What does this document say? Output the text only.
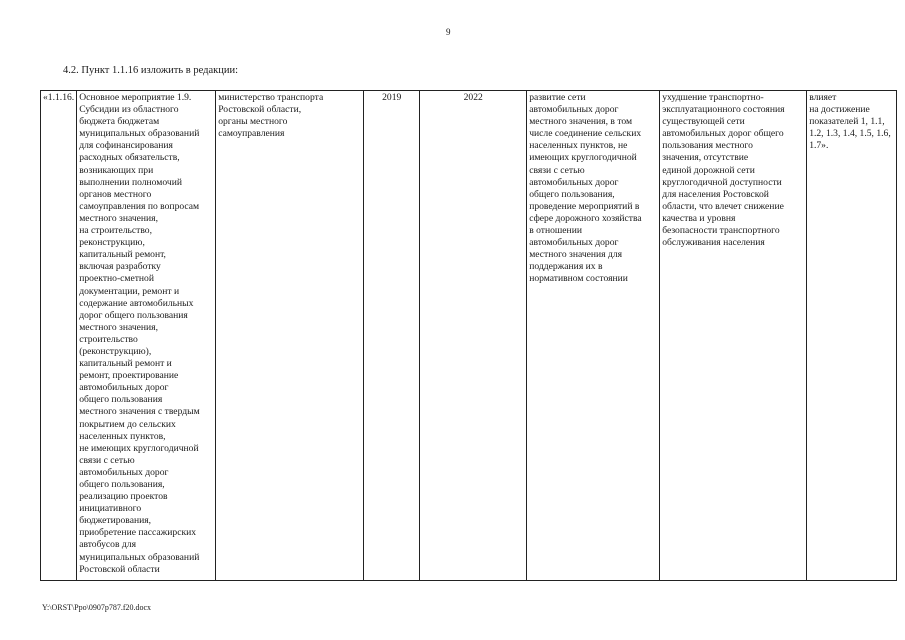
9
4.2. Пункт 1.1.16 изложить в редакции:
«1.1.16.	Основное мероприятие 1.9.
Субсидии из областного
бюджета бюджетам
муниципальных образований
для софинансирования
расходных обязательств,
возникающих при
выполнении полномочий
органов местного
самоуправления по вопросам
местного значения,
на строительство,
реконструкцию,
капитальный ремонт,
включая разработку
проектно-сметной
документации, ремонт и
содержание автомобильных
дорог общего пользования
местного значения,
строительство
(реконструкцию),
капитальный ремонт и
ремонт, проектирование
автомобильных дорог
общего пользования
местного значения с твердым
покрытием до сельских
населенных пунктов,
не имеющих круглогодичной
связи с сетью
автомобильных дорог
общего пользования,
реализацию проектов
инициативного
бюджетирования,
приобретение пассажирских
автобусов для
муниципальных образований
Ростовской области

министерство транспорта
Ростовской области,
органы местного
самоуправления

2019	2022	развитие сети
автомобильных дорог
местного значения, в том
числе соединение сельских
населенных пунктов, не
имеющих круглогодичной
связи с сетью
автомобильных дорог
общего пользования,
проведение мероприятий в
сфере дорожного хозяйства
в отношении
автомобильных дорог
местного значения для
поддержания их в
нормативном состоянии

ухудшение транспортно-
эксплуатационного состояния
существующей сети
автомобильных дорог общего
пользования местного
значения, отсутствие
единой дорожной сети
круглогодичной доступности
для населения Ростовской
области, что влечет снижение
качества и уровня
безопасности транспортного
обслуживания населения

влияет
на достижение
показателей 1, 1.1,
1.2, 1.3, 1.4, 1.5, 1.6,
1.7».
Y:\ORST\Ppo\0907p787.f20.docx
